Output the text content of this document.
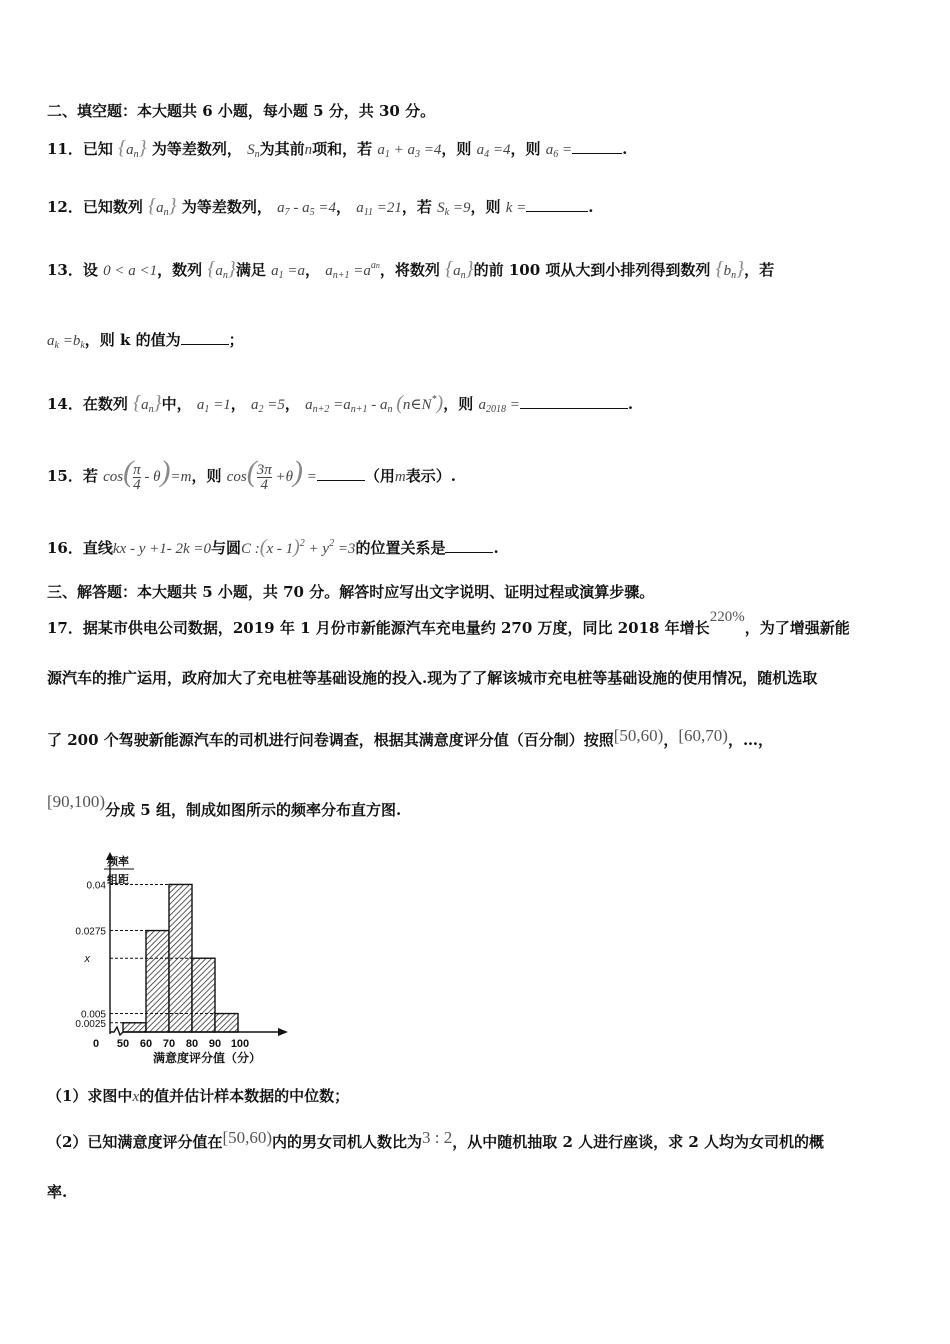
二、填空题：本大题共 6 小题，每小题 5 分，共 30 分。
11．已知 $\{a_n\}$ 为等差数列， $S_n$为其前n项和，若 $a_1 + a_3 =4$，则 $a_4 =4$，则 $a_6$ =	.
12．已知数列 $\{a_n\}$ 为等差数列， $a_7 - a_5 =4$， $a_{11} =21$，若 $S_k =9$，则 k =	.
13．设 0 < a <1，数列 $\{a_n\}$满足 $a_1 =a$， $a_{n+1} =a^{an}$，将数列 $\{a_n\}$的前 100 项从大到小排列得到数列 $\{b_n\}$，若
$a_k =b_k$，则 k 的值为	；
14．在数列 $\{a_n\}$中， $a_1 =1$， $a_2 =5$， $a_{n+2} =a_{n+1} - a_n$ (n∈N*)，则 $a_{2018}$ =	.
15．若 $\cos( \frac{\pi}{4} - \theta)=m$，则 $\cos( \frac{3\pi}{4} +\theta)$ =	（用m表示）.
16．直线kx - y +1- 2k =0与圆C :(x - $1)^2 + y^2 =3$的位置关系是	.
三、解答题：本大题共 5 小题，共 70 分。解答时应写出文字说明、证明过程或演算步骤。
17．据某市供电公司数据，2019 年 1 月份市新能源汽车充电量约 270 万度，同比 2018 年增长220%，为了增强新能
源汽车的推广运用，政府加大了充电桩等基础设施的投入.现为了了解该城市充电桩等基础设施的使用情况，随机选取
了 200 个驾驶新能源汽车的司机进行问卷调查，根据其满意度评分值（百分制）按照[50,60)，[60,70)，…，
[90,100)分成 5 组，制成如图所示的频率分布直方图.
0.04
0.0275
x
0.005
0.0025
频率
组距
0 50 60 70 80 90 100
满意度评分值（分）
（1）求图中x的值并估计样本数据的中位数；
（2）已知满意度评分值在[50,60)内的男女司机人数比为3 : 2，从中随机抽取 2 人进行座谈，求 2 人均为女司机的概
率.
